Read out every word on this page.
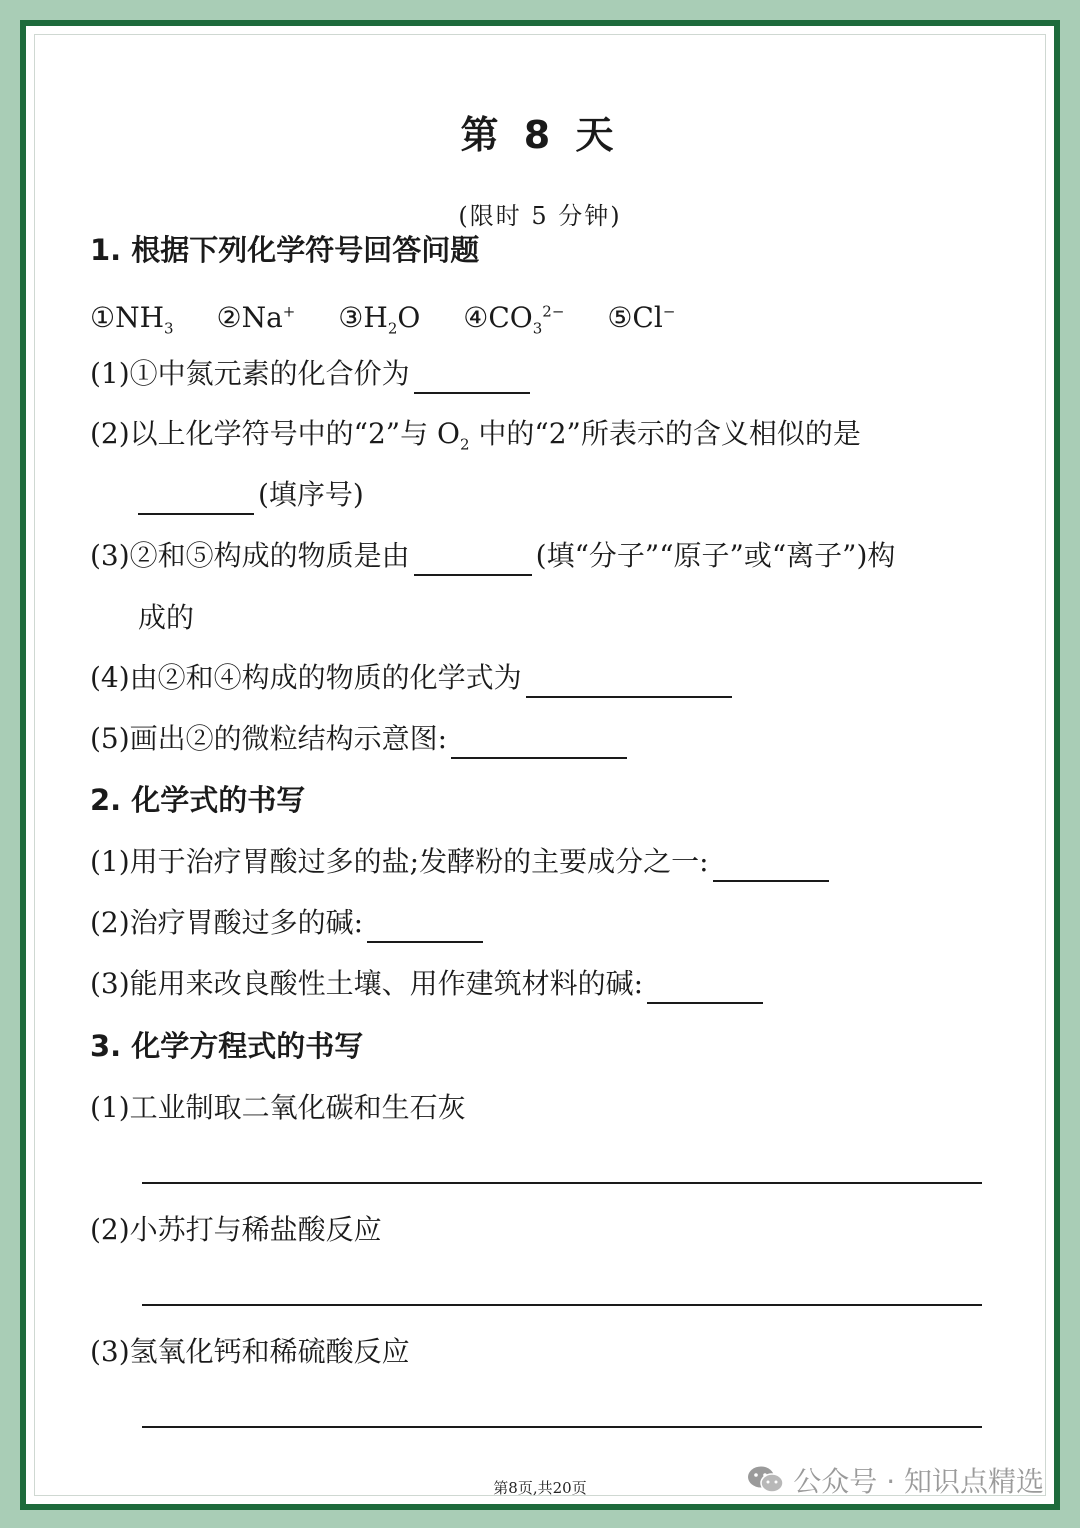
第 8 天
(限时 5 分钟)
1. 根据下列化学符号回答问题
$①NH_3$ ②Na+ $③H_2O$ $④CO_3^{2-}$ ⑤Cl−
(1)①中氮元素的化合价为
(2)以上化学符号中的“2”与 $O_2$ 中的“2”所表示的含义相似的是
(填序号)
(3)②和⑤构成的物质是由	(填“分子”“原子”或“离子”)构
成的
(4)由②和④构成的物质的化学式为
(5)画出②的微粒结构示意图:
2. 化学式的书写
(1)用于治疗胃酸过多的盐;发酵粉的主要成分之一:
(2)治疗胃酸过多的碱:
(3)能用来改良酸性土壤、用作建筑材料的碱:
3. 化学方程式的书写
(1)工业制取二氧化碳和生石灰
(2)小苏打与稀盐酸反应
(3)氢氧化钙和稀硫酸反应
第8页,共20页	公众号 · 知识点精选
